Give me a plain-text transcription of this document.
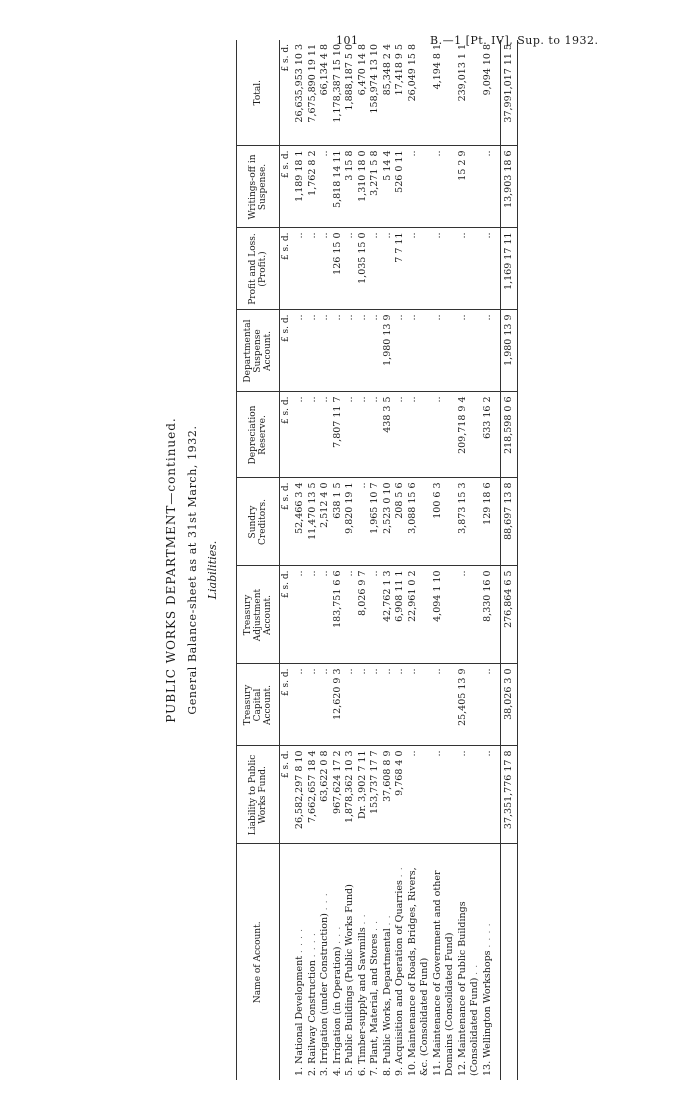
101	B.—1 [Pt. IV], Sup. to 1932.
PUBLIC WORKS DEPARTMENT—continued. General Balance-sheet as at 31st March, 1932. Liabilities.
Name of Account.	Liability to Public Works Fund.	Treasury Capital Account.	Treasury Adjustment Account.	Sundry Creditors.	Depreciation Reserve.	Departmental Suspense Account.	Profit and Loss. (Profit.)	Writings-off in Suspense.	Total.
	£ s. d.	£ s. d.	£ s. d.	£ s. d.	£ s. d.	£ s. d.	£ s. d.	£ s. d.	£ s. d.
1. National Development . . . .	26,582,297 8 10	..	..	52,466 3 4	..	..	..	1,189 18 1	26,635,953 10 3
2. Railway Construction . . . .	7,662,657 18 4	..	..	11,470 13 5	..	..	..	1,762 8 2	7,675,890 19 11
3. Irrigation (under Construction) . . .	63,622 0 8	..	..	2,512 4 0	..	..	..	..	66,134 4 8
4. Irrigation (in Operation) . . .	967,624 17 2	12,620 9 3	183,751 6 6	638 1 5	7,807 11 7	..	126 15 0	5,818 14 11	1,178,387 15 10
5. Public Buildings (Public Works Fund)	1,878,362 10 3	..	..	9,820 19 1	..	..	..	3 15 8	1,888,187 5 0
6. Timber-supply and Sawmills . .	Dr. 3,902 7 11	..	8,026 9 7	..	..	..	1,035 15 0	1,310 18 0	6,470 14 8
7. Plant, Material, and Stores . .	153,737 17 7	..	..	1,965 10 7	..	..	..	3,271 5 8	158,974 13 10
8. Public Works, Departmental . .	37,608 8 9	..	42,762 1 3	2,523 0 10	438 3 5	1,980 13 9	..	5 14 4	85,348 2 4
9. Acquisition and Operation of Quarries . .	9,768 4 0	..	6,908 11 1	208 5 6	..	..	7 7 11	526 0 11	17,418 9 5
10. Maintenance of Roads, Bridges, Rivers, &c. (Consolidated Fund)	..	..	22,961 0 2	3,088 15 6	..	..	..	..	26,049 15 8
11. Maintenance of Government and other Domains (Consolidated Fund)	..	..	4,094 1 10	100 6 3	..	..	..	..	4,194 8 1
12. Maintenance of Public Buildings (Consolidated Fund) . .	..	25,405 13 9	..	3,873 15 3	209,718 9 4	..	..	15 2 9	239,013 1 1
13. Wellington Workshops . . . .	..	..	8,330 16 0	129 18 6	633 16 2	..	..	..	9,094 10 8

	37,351,776 17 8	38,026 3 0	276,864 6 5	88,697 13 8	218,598 0 6	1,980 13 9	1,169 17 11	13,903 18 6	37,991,017 11 5
